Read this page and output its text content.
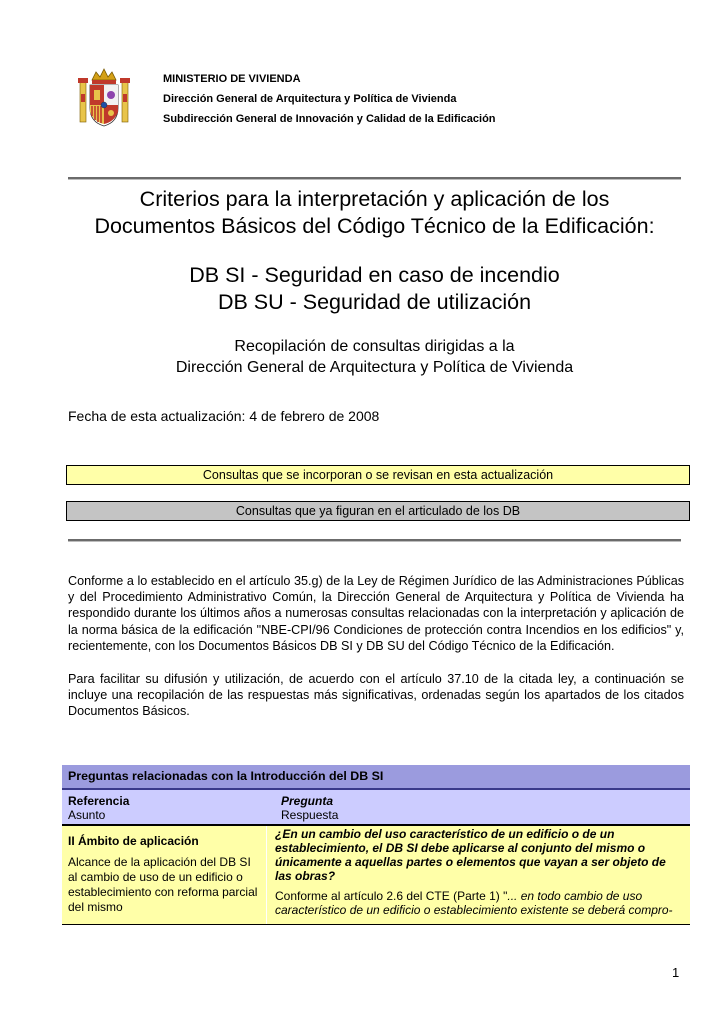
MINISTERIO DE VIVIENDA
Dirección General de Arquitectura y Política de Vivienda
Subdirección General de Innovación y Calidad de la Edificación
Criterios para la interpretación y aplicación de los
Documentos Básicos del Código Técnico de la Edificación:
DB SI - Seguridad en caso de incendio
DB SU - Seguridad de utilización
Recopilación de consultas dirigidas a la
Dirección General de Arquitectura y Política de Vivienda
Fecha de esta actualización: 4 de febrero de 2008
Consultas que se incorporan o se revisan en esta actualización
Consultas que ya figuran en el articulado de los DB
Conforme a lo establecido en el artículo 35.g) de la Ley de Régimen Jurídico de las Administraciones Públicas y del Procedimiento Administrativo Común, la Dirección General de Arquitectura y Política de Vivienda ha respondido durante los últimos años a numerosas consultas relacionadas con la interpretación y aplicación de la norma básica de la edificación "NBE-CPI/96 Condiciones de protección contra Incendios en los edificios" y, recientemente, con los Documentos Básicos DB SI y DB SU del Código Técnico de la Edificación.
Para facilitar su difusión y utilización, de acuerdo con el artículo 37.10 de la citada ley, a continuación se incluye una recopilación de las respuestas más significativas, ordenadas según los apartados de los citados Documentos Básicos.
Preguntas relacionadas con la Introducción del DB SI
Referencia
Asunto
Pregunta
Respuesta
II Ámbito de aplicación
Alcance de la aplicación del DB SI al cambio de uso de un edificio o establecimiento con reforma parcial del mismo
¿En un cambio del uso característico de un edificio o de un establecimiento, el DB SI debe aplicarse al conjunto del mismo o únicamente a aquellas partes o elementos que vayan a ser objeto de las obras?
Conforme al artículo 2.6 del CTE (Parte 1) "... en todo cambio de uso característico de un edificio o establecimiento existente se deberá compro-
1
